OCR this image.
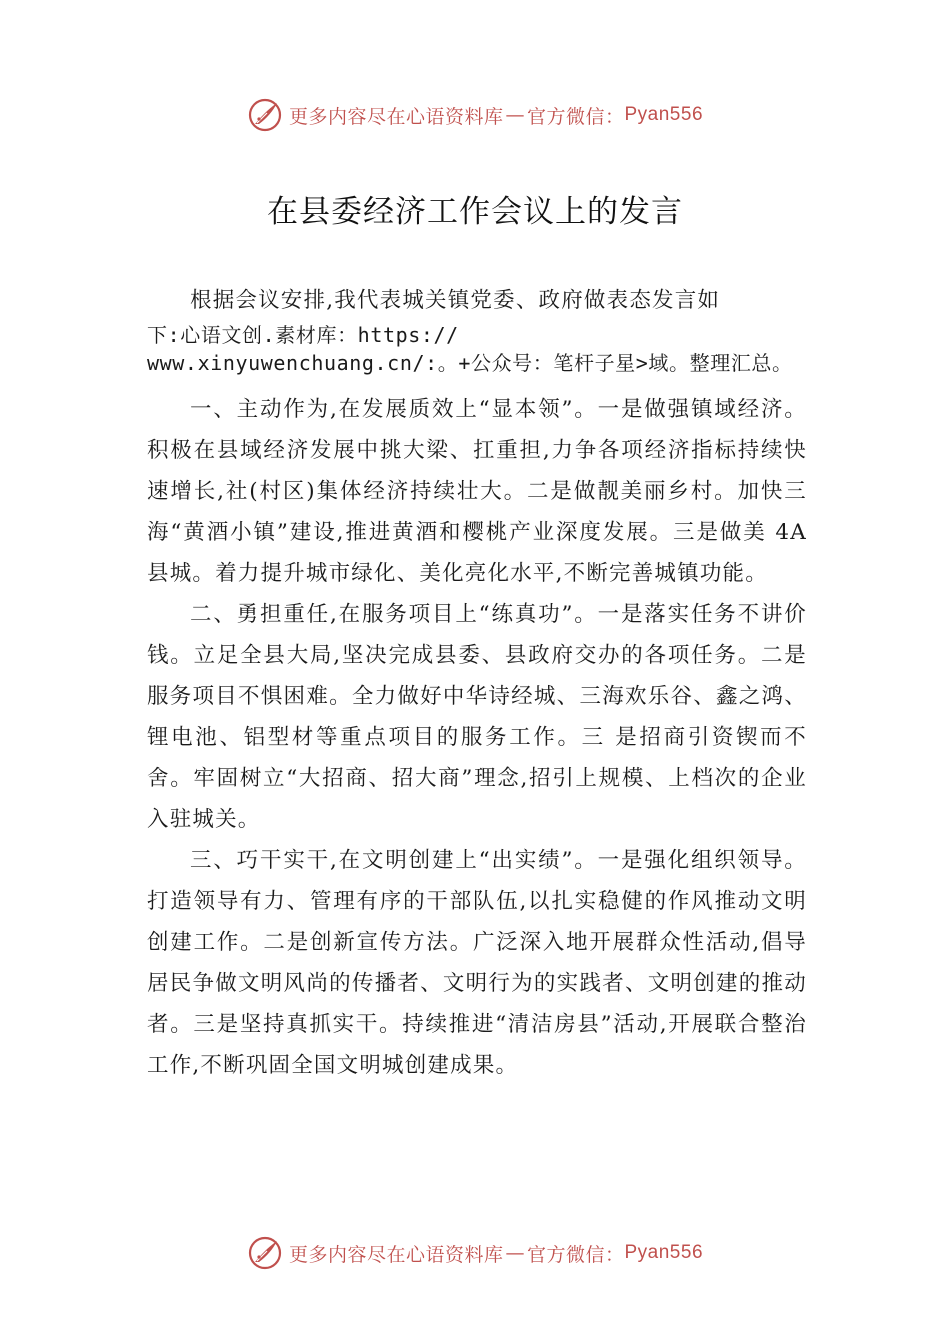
更多内容尽在心语资料库 — 官方微信： Pyan556
在县委经济工作会议上的发言

根据会议安排,我代表城关镇党委、政府做表态发言如
下:心语文创.素材库：https://
www.xinyuwenchuang.cn/:。+公众号：笔杆子星>域。整理汇总。

一、主动作为,在发展质效上“显本领”。一是做强镇域经济。积极在县域经济发展中挑大梁、扛重担,力争各项经济指标持续快速增长,社(村区)集体经济持续壮大。二是做靓美丽乡村。加快三海“黄酒小镇”建设,推进黄酒和樱桃产业深度发展。三是做美 4A 县城。着力提升城市绿化、美化亮化水平,不断完善城镇功能。

二、勇担重任,在服务项目上“练真功”。一是落实任务不讲价钱。立足全县大局,坚决完成县委、县政府交办的各项任务。二是服务项目不惧困难。全力做好中华诗经城、三海欢乐谷、鑫之鸿、锂电池、铝型材等重点项目的服务工作。三 是招商引资锲而不舍。牢固树立“大招商、招大商”理念,招引上规模、上档次的企业入驻城关。

三、巧干实干,在文明创建上“出实绩”。一是强化组织领导。打造领导有力、管理有序的干部队伍,以扎实稳健的作风推动文明创建工作。二是创新宣传方法。广泛深入地开展群众性活动,倡导居民争做文明风尚的传播者、文明行为的实践者、文明创建的推动者。三是坚持真抓实干。持续推进“清洁房县”活动,开展联合整治工作,不断巩固全国文明城创建成果。

更多内容尽在心语资料库 — 官方微信： Pyan556
